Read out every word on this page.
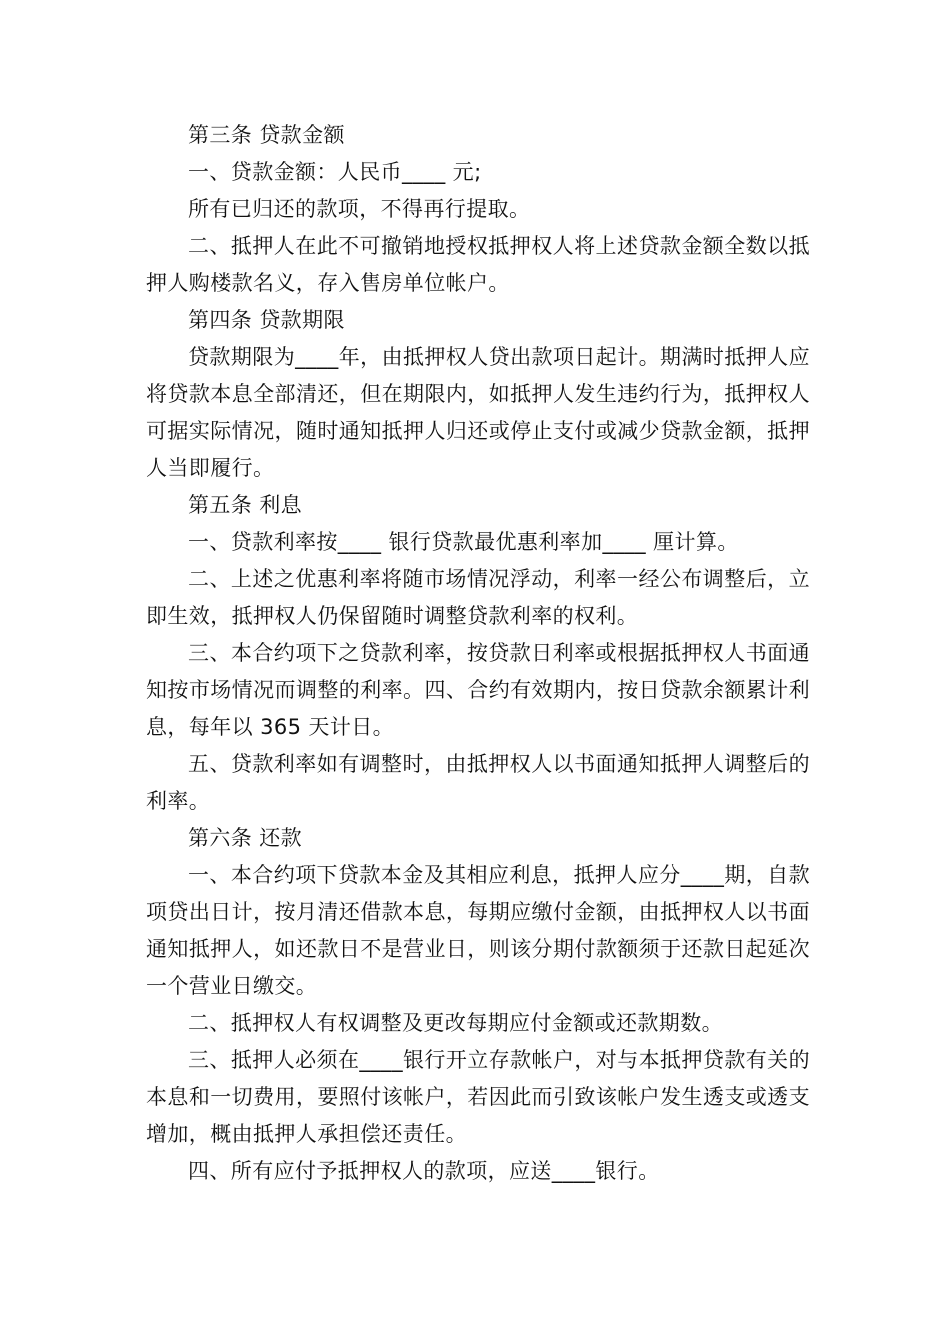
第三条 贷款金额

一、贷款金额：人民币____ 元;

所有已归还的款项，不得再行提取。

二、抵押人在此不可撤销地授权抵押权人将上述贷款金额全数以抵押人购楼款名义，存入售房单位帐户。

第四条 贷款期限

贷款期限为____年，由抵押权人贷出款项日起计。期满时抵押人应将贷款本息全部清还，但在期限内，如抵押人发生违约行为，抵押权人可据实际情况，随时通知抵押人归还或停止支付或减少贷款金额，抵押人当即履行。

第五条 利息

一、贷款利率按____ 银行贷款最优惠利率加____ 厘计算。

二、上述之优惠利率将随市场情况浮动，利率一经公布调整后，立即生效，抵押权人仍保留随时调整贷款利率的权利。

三、本合约项下之贷款利率，按贷款日利率或根据抵押权人书面通知按市场情况而调整的利率。四、合约有效期内，按日贷款余额累计利息，每年以 365 天计日。

五、贷款利率如有调整时，由抵押权人以书面通知抵押人调整后的利率。

第六条 还款

一、本合约项下贷款本金及其相应利息，抵押人应分____期，自款项贷出日计，按月清还借款本息，每期应缴付金额，由抵押权人以书面通知抵押人，如还款日不是营业日，则该分期付款额须于还款日起延次一个营业日缴交。

二、抵押权人有权调整及更改每期应付金额或还款期数。

三、抵押人必须在____银行开立存款帐户，对与本抵押贷款有关的本息和一切费用，要照付该帐户，若因此而引致该帐户发生透支或透支增加，概由抵押人承担偿还责任。

四、所有应付予抵押权人的款项，应送____银行。
